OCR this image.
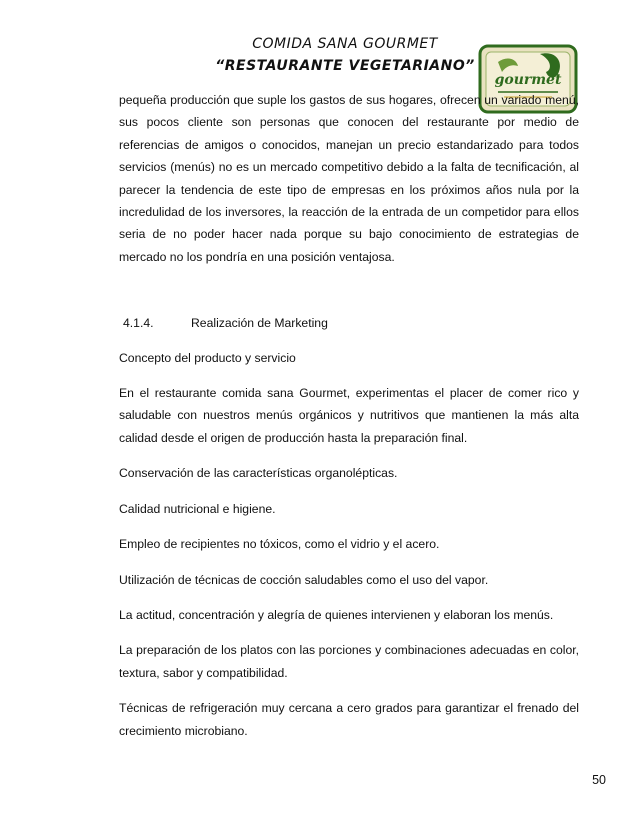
COMIDA SANA GOURMET
“RESTAURANTE VEGETARIANO”
gourmet

pequeña producción que suple los gastos de sus hogares, ofrecen un variado menú, sus pocos cliente son personas que conocen del restaurante por medio de referencias de amigos o conocidos, manejan un precio estandarizado para todos servicios (menús) no es un mercado competitivo debido a la falta de tecnificación, al parecer la tendencia de este tipo de empresas en los próximos años nula por la incredulidad de los inversores, la reacción de la entrada de un competidor para ellos seria de no poder hacer nada porque su bajo conocimiento de estrategias de mercado no los pondría en una posición ventajosa.

4.1.4.	Realización de Marketing

Concepto del producto y servicio

En el restaurante comida sana Gourmet, experimentas el placer de comer rico y saludable con nuestros menús orgánicos y nutritivos que mantienen la más alta calidad desde el origen de producción hasta la preparación final.

Conservación de las características organolépticas.

Calidad nutricional e higiene.

Empleo de recipientes no tóxicos, como el vidrio y el acero.

Utilización de técnicas de cocción saludables como el uso del vapor.

La actitud, concentración y alegría de quienes intervienen y elaboran los menús.

La preparación de los platos con las porciones y combinaciones adecuadas en color, textura, sabor y compatibilidad.

Técnicas de refrigeración muy cercana a cero grados para garantizar el frenado del crecimiento microbiano.

50
